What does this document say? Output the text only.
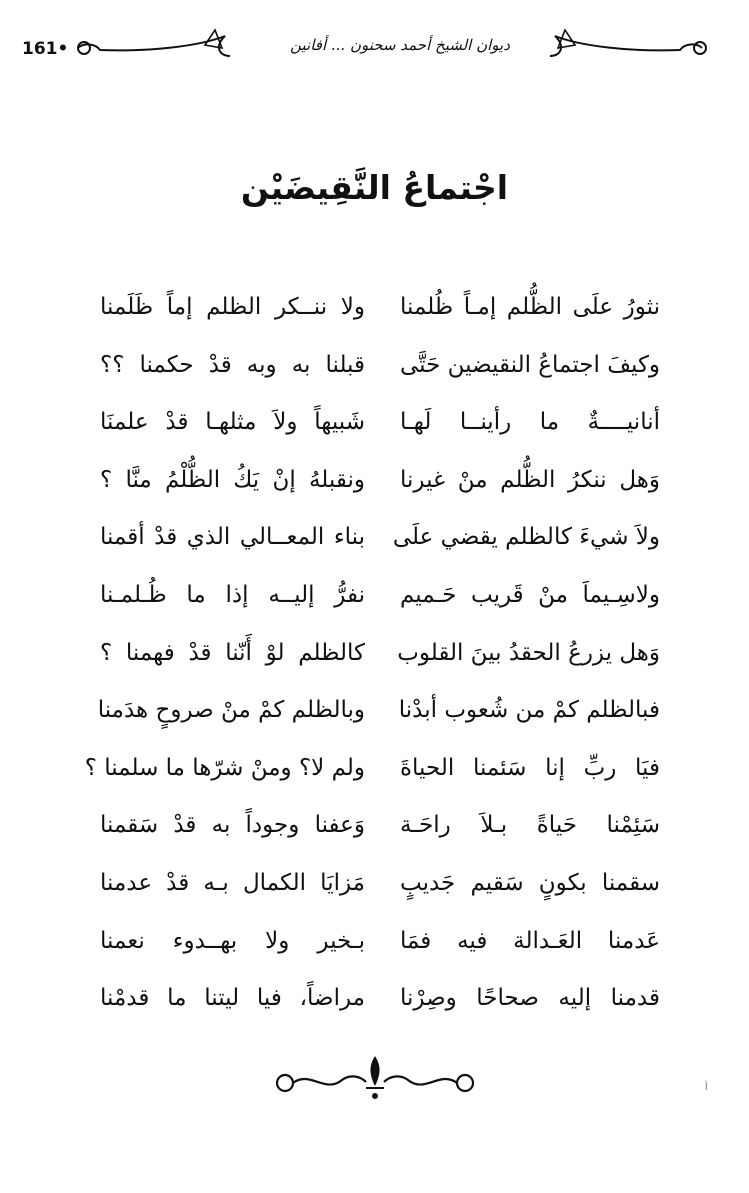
161•	ديوان الشيخ أحمد سحنون ... أفانين
اجْتماعُ النَّقِيضَيْن
نثورُ علَى الظُّلم إمـاً ظُلمنا
ولا ننــكر الظلم إماً ظَلَمنا
وكيفَ اجتماعُ النقيضين حَتَّى
قبلنا به وبه قدْ حكمنا ؟؟
أنانيــــةٌ ما رأينــا لَهـا
شَبيهاً ولاَ مثلهـا قدْ علمنَا
وَهل ننكرُ الظُّلم منْ غيرنا
ونقبلهُ إنْ يَكُ الظُّلْمُ منَّا ؟
ولاَ شيءَ كالظلم يقضي علَى
بناء المعــالي الذي قدْ أقمنا
ولاسِـيماَ منْ قَريب حَـميم
نفرُّ إليــه إذا ما ظُـلمـنا
وَهل يزرعُ الحقدُ بينَ القلوب
كالظلم لوْ أَنّنا قدْ فهمنا ؟
فبالظلم كمْ من شُعوب أبدْنا
وبالظلم كمْ منْ صروحٍ هدَمنا
فيَا ربِّ إنا سَئمنا الحياةَ
ولم لا؟ ومنْ شرّها ما سلمنا ؟
سَئِمْنا حَياةً بـلاَ راحَـة
وَعفنا وجوداً به قدْ سَقمنا
سقمنا بكونٍ سَقيم جَديبٍ
مَزايَا الكمال بـه قدْ عدمنا
عَدمنا العَـدالة فيه فمَا
بـخير ولا بهــدوء نعمنا
قدمنا إليه صحاحًا وصِرْنا
مراضاً، فيا ليتنا ما قدمْنا
ﺃ
